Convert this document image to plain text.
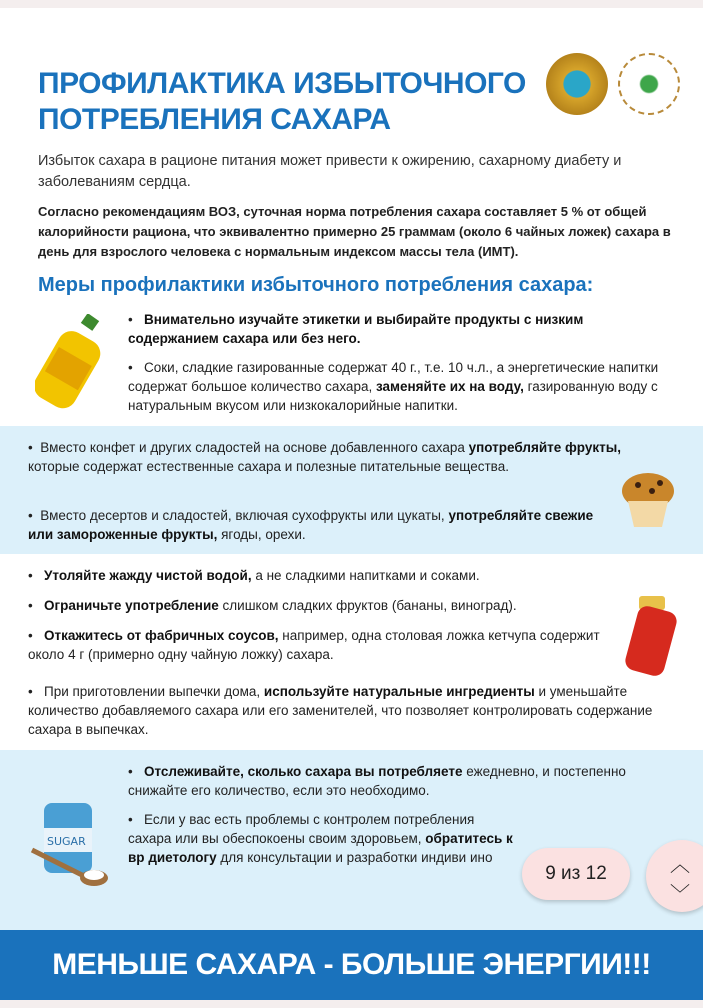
ПРОФИЛАКТИКА ИЗБЫТОЧНОГО
ПОТРЕБЛЕНИЯ САХАРА
Избыток сахара в рационе питания может привести к ожирению, сахарному диабету и заболеваниям сердца.
Согласно рекомендациям ВОЗ, суточная норма потребления сахара составляет 5 % от общей калорийности рациона, что эквивалентно примерно 25 граммам (около 6 чайных ложек) сахара в день для взрослого человека с нормальным индексом массы тела (ИМТ).
Меры профилактики избыточного потребления сахара:
•   Внимательно изучайте этикетки и выбирайте продукты с низким содержанием сахара или без него.
•   Соки, сладкие газированные содержат 40 г., т.е. 10 ч.л., а энергетические напитки содержат большое количество сахара, заменяйте их на воду, газированную воду с натуральным вкусом или низкокалорийные напитки.
•  Вместо конфет и других сладостей на основе добавленного сахара употребляйте фрукты, которые содержат естественные сахара и полезные питательные вещества.
•  Вместо десертов и сладостей, включая сухофрукты или цукаты, употребляйте свежие или замороженные фрукты, ягоды, орехи.
•   Утоляйте жажду чистой водой, а не сладкими напитками и соками.
•   Ограничьте употребление слишком сладких фруктов (бананы, виноград).
•   Откажитесь от фабричных соусов, например, одна столовая ложка кетчупа содержит около 4 г (примерно одну чайную ложку) сахара.
•   При приготовлении выпечки дома, используйте натуральные ингредиенты и уменьшайте количество добавляемого сахара или его заменителей, что позволяет контролировать содержание сахара в выпечках.
SUGAR
•   Отслеживайте, сколько сахара вы потребляете ежедневно, и постепенно снижайте его количество, если это необходимо.
•   Если у вас есть проблемы с контролем потребления сахара или вы обеспокоены своим здоровьем, обратитесь к вр диетологу для консультации и разработки индиви ино
МЕНЬШЕ САХАРА - БОЛЬШЕ ЭНЕРГИИ!!!
9 из 12	︿
﹀
